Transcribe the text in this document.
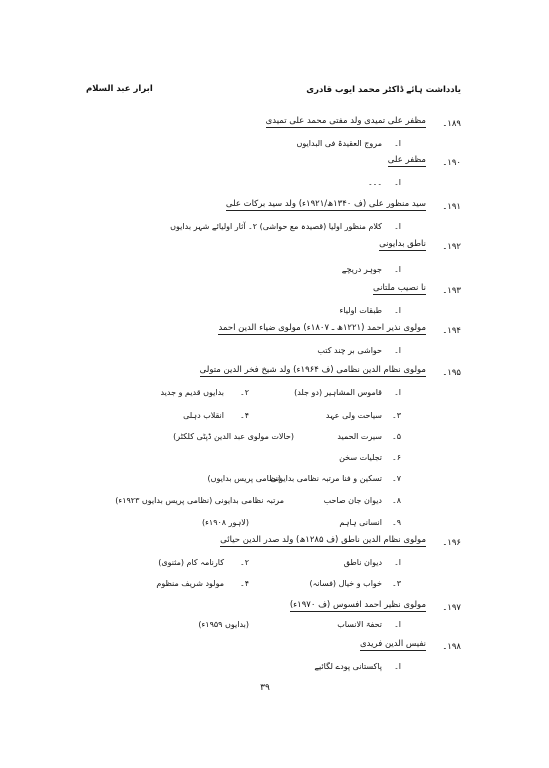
یادداشت ہائے ڈاکٹر محمد ایوب قادری
ابرار عبد السلام
۱۸۹۔
مظفر علی تمیدی ولد مفتی محمد علی تمیدی
ا۔
مروج العقیدۃ فی البدایوں
۱۹۰۔
مظفر علی
ا۔
۔۔۔
۱۹۱۔
سید منظور علی (ف ۱۳۴۰ھ/۱۹۲۱ء) ولد سید برکات علی
ا۔
کلام منظور اولیا (قصیدہ مع حواشی) ۲۔ آثار اولیائے شہر بدایوں
۱۹۲۔
ناطق بدایونی
ا۔
جوہر دریچے
۱۹۳۔
نا نصیب ملتانی
ا۔
طبقات اولیاء
۱۹۴۔
مولوی نذیر احمد (۱۲۲۱ھ ـ ۱۸۰۷ء) مولوی ضیاء الدین احمد
ا۔
حواشی بر چند کتب
۱۹۵۔
مولوی نظام الدین نظامی (ف ۱۹۶۴ء) ولد شیخ فخر الدین متولی
ا۔
قاموس المشاہیر (دو جلد)
۲۔
بدایوں قدیم و جدید
۳۔
سیاحت ولی عہد
۴۔
انقلاب دہلی
۵۔
سیرت الحمید
(حالات مولوی عبد الدین ڈپٹی کلکٹر)
۶۔
تجلیات سخن
۷۔
تسکین و فنا مرتبہ نظامی بدایونی
(نظامی پریس بدایوں)
۸۔
دیوان جان صاحب
مرتبہ نظامی بدایونی (نظامی پریس بدایوں ۱۹۲۳ء)
۹۔
انسانی ہاہم
(لاہور ۱۹۰۸ء)
۱۹۶۔
مولوی نظام الدین ناطق (ف ۱۲۸۵ھ) ولد صدر الدین حیائی
ا۔
دیوان ناطق
۲۔
کارنامہ کام (مثنوی)
۳۔
خواب و خیال (فسانہ)
۴۔
مولود شریف منظوم
۱۹۷۔
مولوی نظیر احمد افسوس (ف ۱۹۷۰ء)
ا۔
تحفۃ الانساب
(بدایوں ۱۹۵۹ء)
۱۹۸۔
نفیس الدین فریدی
ا۔
پاکستانی پودے لگائیے
۳۹
